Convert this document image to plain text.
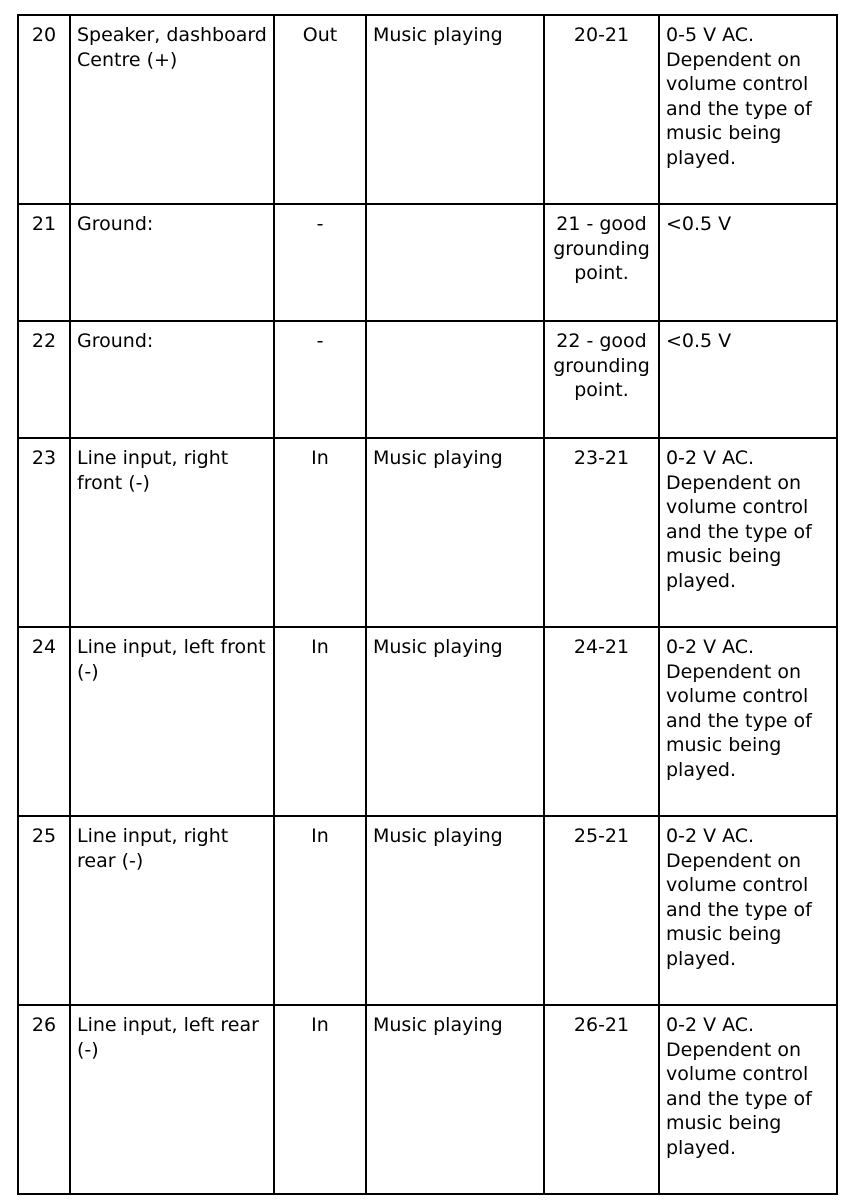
20	Speaker, dashboard Centre (+)	Out	Music playing	20-21	0-5 V AC. Dependent on volume control and the type of music being played.
21	Ground:	-		21 - good grounding point.	<0.5 V
22	Ground:	-		22 - good grounding point.	<0.5 V
23	Line input, right front (-)	In	Music playing	23-21	0-2 V AC. Dependent on volume control and the type of music being played.
24	Line input, left front (-)	In	Music playing	24-21	0-2 V AC. Dependent on volume control and the type of music being played.
25	Line input, right rear (-)	In	Music playing	25-21	0-2 V AC. Dependent on volume control and the type of music being played.
26	Line input, left rear (-)	In	Music playing	26-21	0-2 V AC. Dependent on volume control and the type of music being played.
